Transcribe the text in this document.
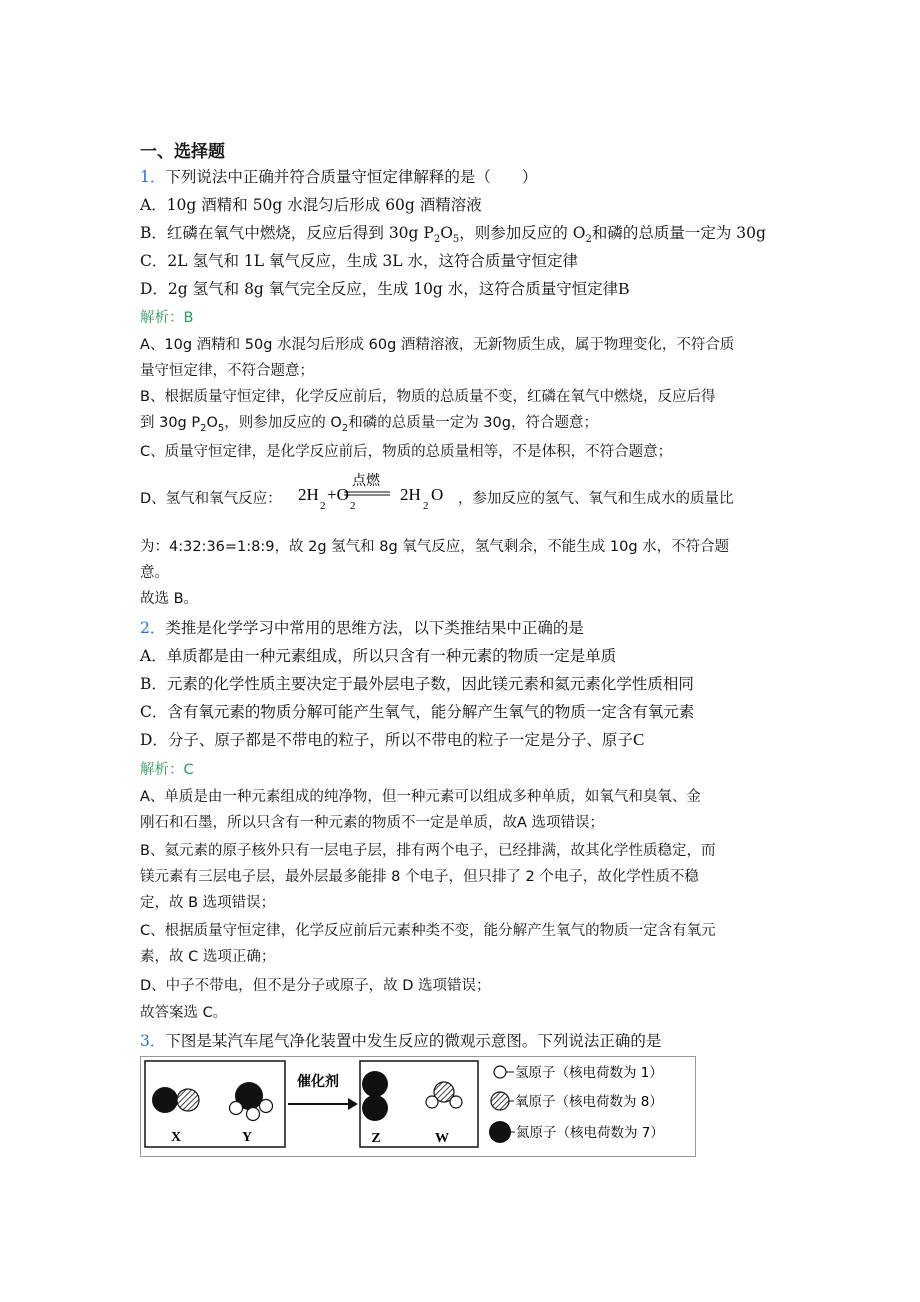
一、选择题
1．下列说法中正确并符合质量守恒定律解释的是（　　）
A．10g 酒精和 50g 水混匀后形成 60g 酒精溶液
B．红磷在氧气中燃烧，反应后得到 30g $P_2O_5$，则参加反应的 $O_2$和磷的总质量一定为 30g
C．2L 氢气和 1L 氧气反应，生成 3L 水，这符合质量守恒定律
D．2g 氢气和 8g 氧气完全反应，生成 10g 水，这符合质量守恒定律B
解析：B
A、10g 酒精和 50g 水混匀后形成 60g 酒精溶液，无新物质生成，属于物理变化，不符合质
量守恒定律，不符合题意；
B、根据质量守恒定律，化学反应前后，物质的总质量不变，红磷在氧气中燃烧，反应后得
到 30g $P_2O_5$，则参加反应的 $O_2$和磷的总质量一定为 30g，符合题意；
C、质量守恒定律，是化学反应前后，物质的总质量相等，不是体积，不符合题意；
D、氢气和氧气反应：
点燃
2H
2
+O
2
2H
2
O ，参加反应的氢气、氧气和生成水的质量比
为：4:32:36=1:8:9，故 2g 氢气和 8g 氧气反应，氢气剩余，不能生成 10g 水，不符合题
意。
故选 B。
2．类推是化学学习中常用的思维方法，以下类推结果中正确的是
A．单质都是由一种元素组成，所以只含有一种元素的物质一定是单质
B．元素的化学性质主要决定于最外层电子数，因此镁元素和氦元素化学性质相同
C．含有氧元素的物质分解可能产生氧气，能分解产生氧气的物质一定含有氧元素
D．分子、原子都是不带电的粒子，所以不带电的粒子一定是分子、原子C
解析：C
A、单质是由一种元素组成的纯净物，但一种元素可以组成多种单质，如氧气和臭氧、金
刚石和石墨，所以只含有一种元素的物质不一定是单质，故A 选项错误；
B、氦元素的原子核外只有一层电子层，排有两个电子，已经排满，故其化学性质稳定，而
镁元素有三层电子层，最外层最多能排 8 个电子，但只排了 2 个电子，故化学性质不稳
定，故 B 选项错误；
C、根据质量守恒定律，化学反应前后元素种类不变，能分解产生氧气的物质一定含有氧元
素，故 C 选项正确；
D、中子不带电，但不是分子或原子，故 D 选项错误；
故答案选 C。
3．下图是某汽车尾气净化装置中发生反应的微观示意图。下列说法正确的是
X	Y
催化剂
Z	W
氢原子（核电荷数为 1）
氧原子（核电荷数为 8）
氮原子（核电荷数为 7）
